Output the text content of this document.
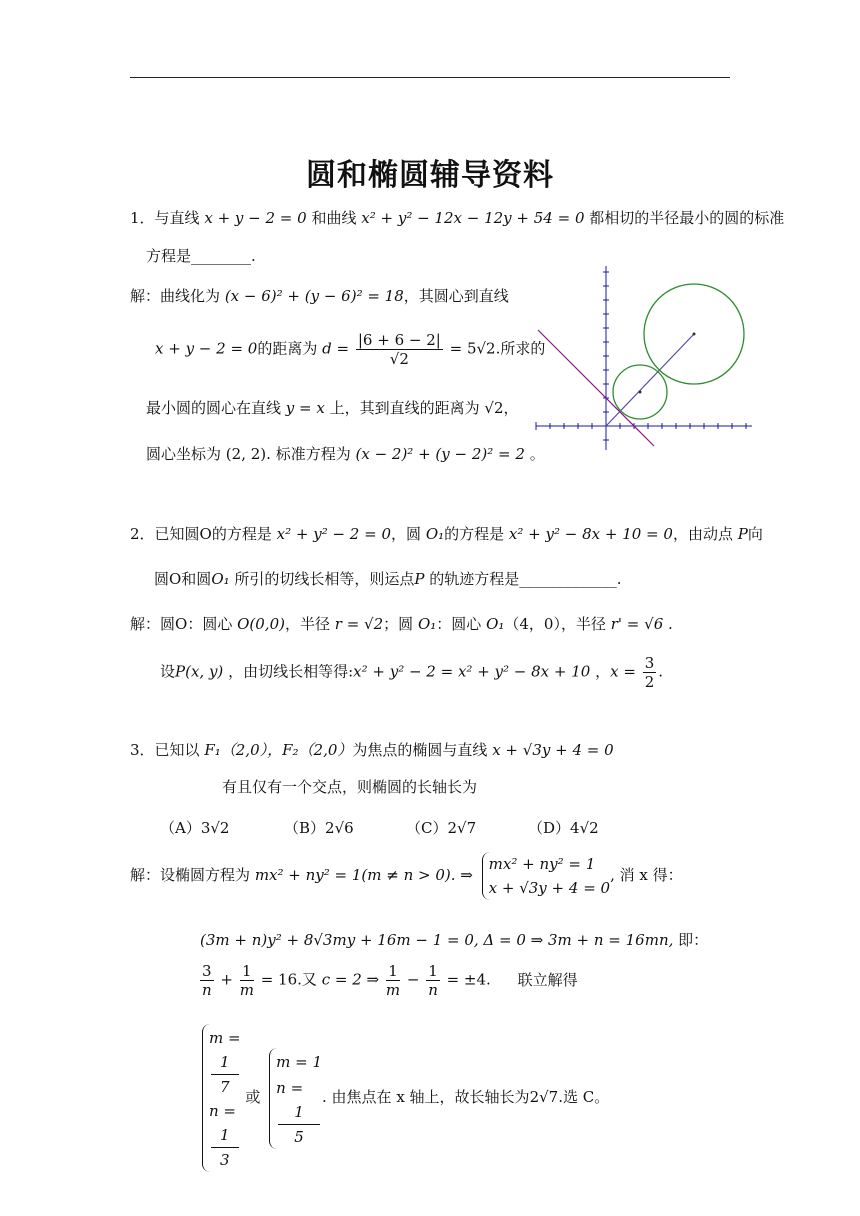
圆和椭圆辅导资料
1．与直线 x + y − 2 = 0 和曲线 x² + y² − 12x − 12y + 54 = 0 都相切的半径最小的圆的标准
方程是________.
解：曲线化为 (x − 6)² + (y − 6)² = 18，其圆心到直线
x + y − 2 = 0的距离为 $d = \frac{|6 + 6 - 2|}{√2} = 5√2$.所求的
最小圆的圆心在直线 y = x 上，其到直线的距离为 √2，
圆心坐标为 (2, 2). 标准方程为 (x − 2)² + (y − 2)² = 2 。
2．已知圆O的方程是 x² + y² − 2 = 0，圆 O₁的方程是 x² + y² − 8x + 10 = 0，由动点 P向
圆O和圆O₁ 所引的切线长相等，则运点P 的轨迹方程是_____________.
解：圆O：圆心 O(0,0)，半径 r = √2；圆 O₁：圆心 O₁（4，0），半径 r' = √6 .
设P(x, y) ，由切线长相等得:x² + y² − 2 = x² + y² − 8x + 10 ，$x = \frac{3}{2}$ .
3．已知以 F₁（2,0），F₂（2,0）为焦点的椭圆与直线 x + √3y + 4 = 0
有且仅有一个交点，则椭圆的长轴长为
（A）3√2	（B）2√6	（C）2√7	（D）4√2
解：设椭圆方程为 mx² + ny² = 1(m ≠ n > 0). ⇒
mx² + ny² = 1
x + √3y + 4 = 0
, 消 x 得：
(3m + n)y² + 8√3my + 16m − 1 = 0, Δ = 0 ⇒ 3m + n = 16mn, 即：
$\frac{3}{n} + \frac{1}{m} = 16$.又 c = 2 ⇒ $\frac{1}{m} - \frac{1}{n} = \pm 4$. 联立解得
m =
1
7
n =
1
3
或
m = 1
n =
1
5
. 由焦点在 x 轴上，故长轴长为2√7.选 C。
